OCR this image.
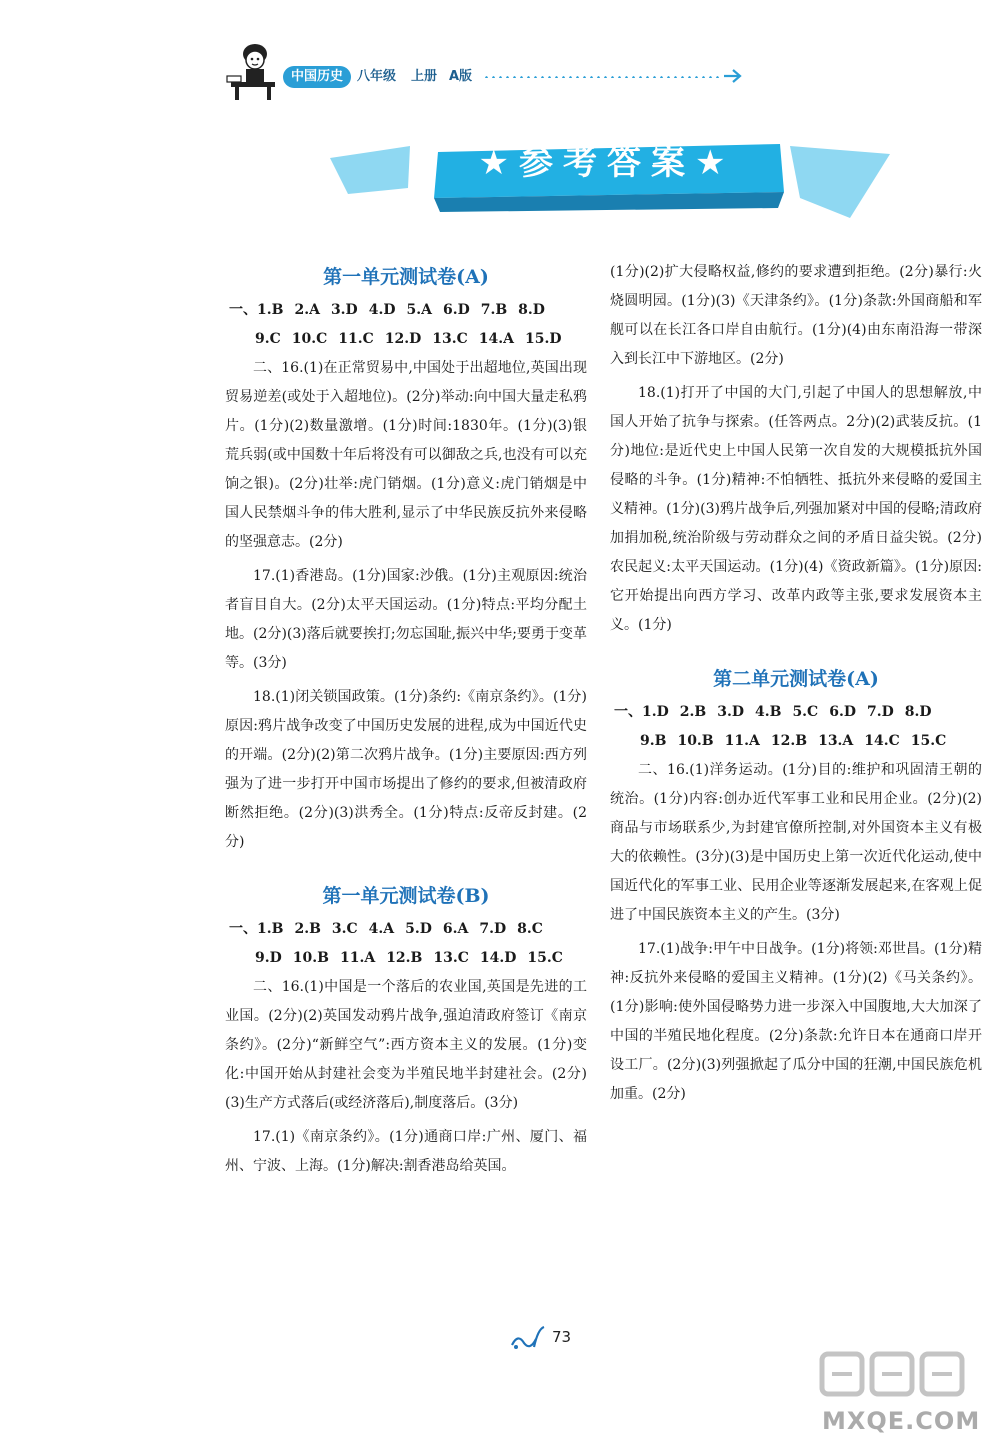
中国历史	八年级 上册 A版
★参考答案★
第一单元测试卷(A)
一、1.B 2.A 3.D 4.D 5.A 6.D 7.B 8.D
9.C 10.C 11.C 12.D 13.C 14.A 15.D

二、16.(1)在正常贸易中,中国处于出超地位,英国出现贸易逆差(或处于入超地位)。(2分)举动:向中国大量走私鸦片。(1分)(2)数量激增。(1分)时间:1830年。(1分)(3)银荒兵弱(或中国数十年后将没有可以御敌之兵,也没有可以充饷之银)。(2分)壮举:虎门销烟。(1分)意义:虎门销烟是中国人民禁烟斗争的伟大胜利,显示了中华民族反抗外来侵略的坚强意志。(2分)

17.(1)香港岛。(1分)国家:沙俄。(1分)主观原因:统治者盲目自大。(2分)太平天国运动。(1分)特点:平均分配土地。(2分)(3)落后就要挨打;勿忘国耻,振兴中华;要勇于变革等。(3分)

18.(1)闭关锁国政策。(1分)条约:《南京条约》。(1分)原因:鸦片战争改变了中国历史发展的进程,成为中国近代史的开端。(2分)(2)第二次鸦片战争。(1分)主要原因:西方列强为了进一步打开中国市场提出了修约的要求,但被清政府断然拒绝。(2分)(3)洪秀全。(1分)特点:反帝反封建。(2分)

第一单元测试卷(B)
一、1.B 2.B 3.C 4.A 5.D 6.A 7.D 8.C
9.D 10.B 11.A 12.B 13.C 14.D 15.C

二、16.(1)中国是一个落后的农业国,英国是先进的工业国。(2分)(2)英国发动鸦片战争,强迫清政府签订《南京条约》。(2分)“新鲜空气”:西方资本主义的发展。(1分)变化:中国开始从封建社会变为半殖民地半封建社会。(2分)(3)生产方式落后(或经济落后),制度落后。(3分)

17.(1)《南京条约》。(1分)通商口岸:广州、厦门、福州、宁波、上海。(1分)解决:割香港岛给英国。

(1分)(2)扩大侵略权益,修约的要求遭到拒绝。(2分)暴行:火烧圆明园。(1分)(3)《天津条约》。(1分)条款:外国商船和军舰可以在长江各口岸自由航行。(1分)(4)由东南沿海一带深入到长江中下游地区。(2分)

18.(1)打开了中国的大门,引起了中国人的思想解放,中国人开始了抗争与探索。(任答两点。2分)(2)武装反抗。(1分)地位:是近代史上中国人民第一次自发的大规模抵抗外国侵略的斗争。(1分)精神:不怕牺牲、抵抗外来侵略的爱国主义精神。(1分)(3)鸦片战争后,列强加紧对中国的侵略;清政府加捐加税,统治阶级与劳动群众之间的矛盾日益尖锐。(2分)农民起义:太平天国运动。(1分)(4)《资政新篇》。(1分)原因:它开始提出向西方学习、改革内政等主张,要求发展资本主义。(1分)

第二单元测试卷(A)
一、1.D 2.B 3.D 4.B 5.C 6.D 7.D 8.D
9.B 10.B 11.A 12.B 13.A 14.C 15.C

二、16.(1)洋务运动。(1分)目的:维护和巩固清王朝的统治。(1分)内容:创办近代军事工业和民用企业。(2分)(2)商品与市场联系少,为封建官僚所控制,对外国资本主义有极大的依赖性。(3分)(3)是中国历史上第一次近代化运动,使中国近代化的军事工业、民用企业等逐渐发展起来,在客观上促进了中国民族资本主义的产生。(3分)

17.(1)战争:甲午中日战争。(1分)将领:邓世昌。(1分)精神:反抗外来侵略的爱国主义精神。(1分)(2)《马关条约》。(1分)影响:使外国侵略势力进一步深入中国腹地,大大加深了中国的半殖民地化程度。(2分)条款:允许日本在通商口岸开设工厂。(2分)(3)列强掀起了瓜分中国的狂潮,中国民族危机加重。(2分)

73
MXQE.COM
